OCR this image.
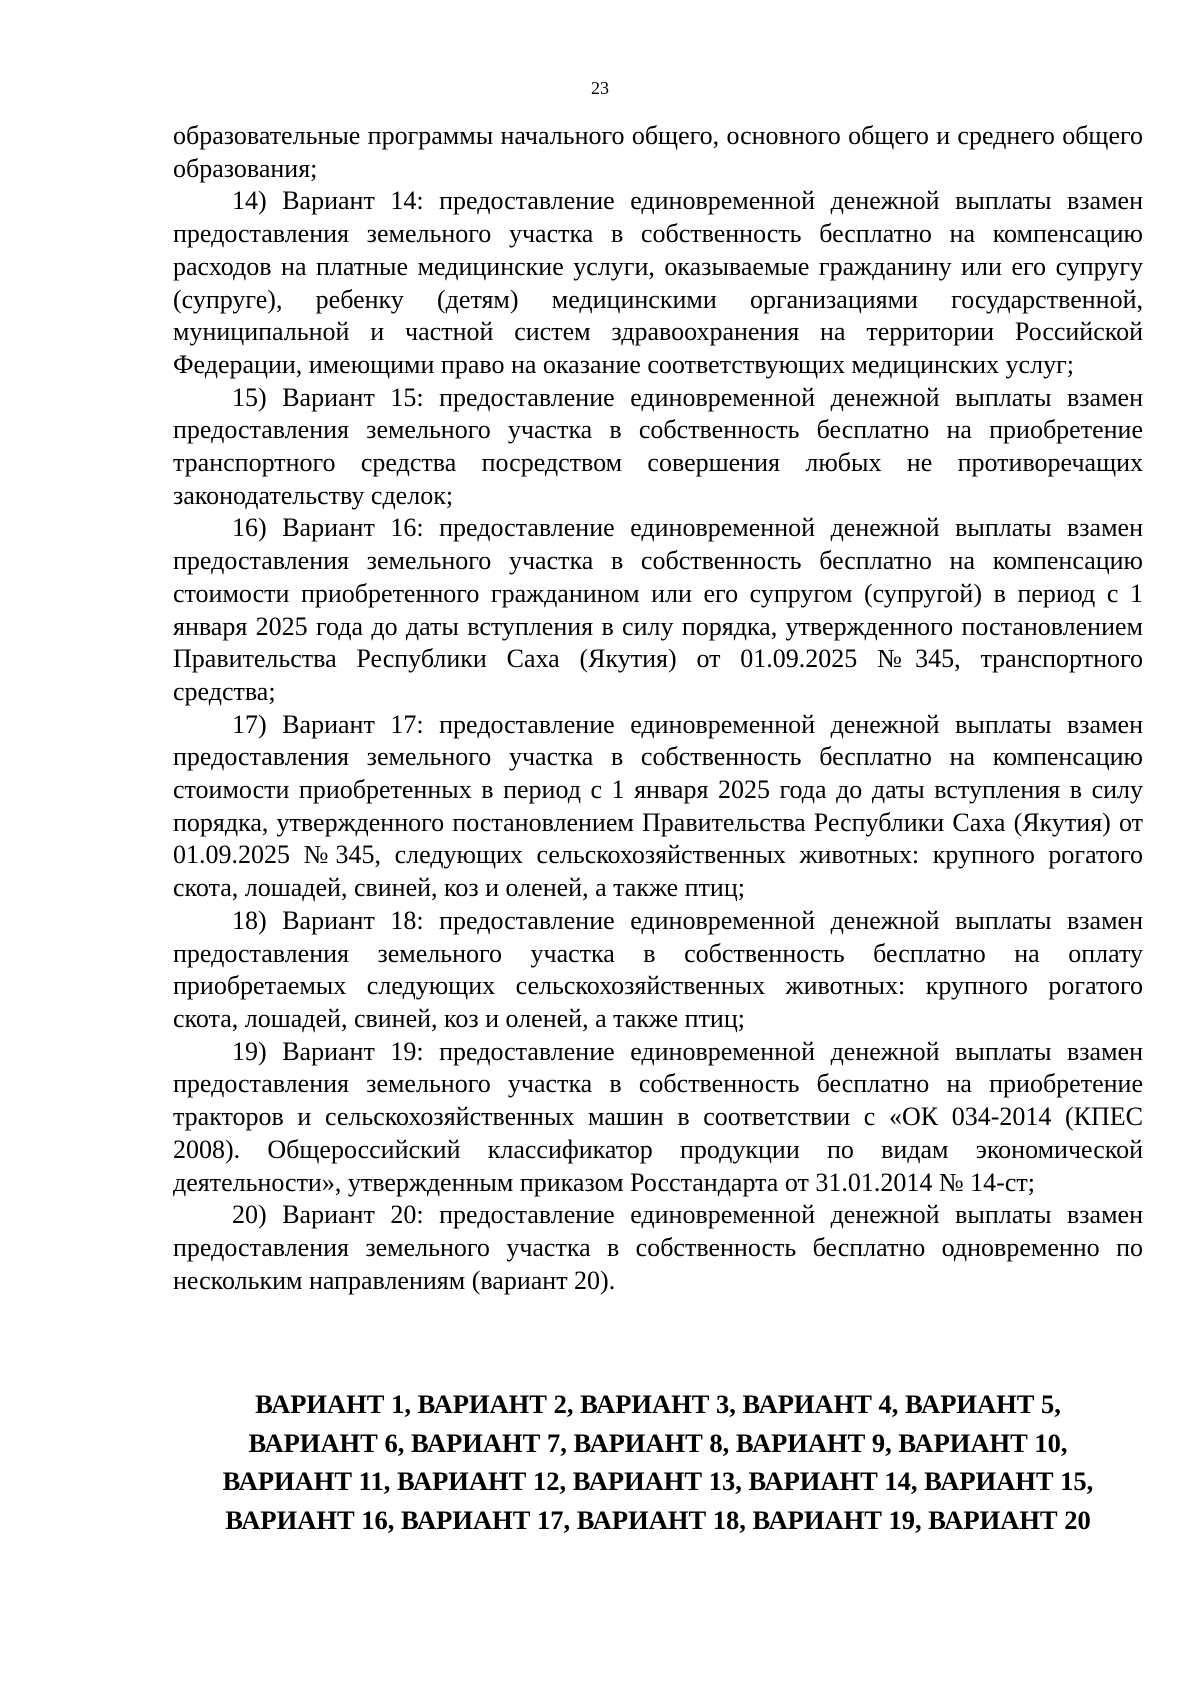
23

образовательные программы начального общего, основного общего и среднего общего образования;

14) Вариант 14: предоставление единовременной денежной выплаты взамен предоставления земельного участка в собственность бесплатно на компенсацию расходов на платные медицинские услуги, оказываемые гражданину или его супругу (супруге), ребенку (детям) медицинскими организациями государственной, муниципальной и частной систем здравоохранения на территории Российской Федерации, имеющими право на оказание соответствующих медицинских услуг;

15) Вариант 15: предоставление единовременной денежной выплаты взамен предоставления земельного участка в собственность бесплатно на приобретение транспортного средства посредством совершения любых не противоречащих законодательству сделок;

16) Вариант 16: предоставление единовременной денежной выплаты взамен предоставления земельного участка в собственность бесплатно на компенсацию стоимости приобретенного гражданином или его супругом (супругой) в период с 1 января 2025 года до даты вступления в силу порядка, утвержденного постановлением Правительства Республики Саха (Якутия) от 01.09.2025 №345, транспортного средства;

17) Вариант 17: предоставление единовременной денежной выплаты взамен предоставления земельного участка в собственность бесплатно на компенсацию стоимости приобретенных в период с 1 января 2025 года до даты вступления в силу порядка, утвержденного постановлением Правительства Республики Саха (Якутия) от 01.09.2025 №345, следующих сельскохозяйственных животных: крупного рогатого скота, лошадей, свиней, коз и оленей, а также птиц;

18) Вариант 18: предоставление единовременной денежной выплаты взамен предоставления земельного участка в собственность бесплатно на оплату приобретаемых следующих сельскохозяйственных животных: крупного рогатого скота, лошадей, свиней, коз и оленей, а также птиц;

19) Вариант 19: предоставление единовременной денежной выплаты взамен предоставления земельного участка в собственность бесплатно на приобретение тракторов и сельскохозяйственных машин в соответствии с «ОК 034-2014 (КПЕС 2008). Общероссийский классификатор продукции по видам экономической деятельности», утвержденным приказом Росстандарта от 31.01.2014 № 14-ст;

20) Вариант 20: предоставление единовременной денежной выплаты взамен предоставления земельного участка в собственность бесплатно одновременно по нескольким направлениям (вариант 20).

ВАРИАНТ 1, ВАРИАНТ 2, ВАРИАНТ 3, ВАРИАНТ 4, ВАРИАНТ 5,
ВАРИАНТ 6, ВАРИАНТ 7, ВАРИАНТ 8, ВАРИАНТ 9, ВАРИАНТ 10,
ВАРИАНТ 11, ВАРИАНТ 12, ВАРИАНТ 13, ВАРИАНТ 14, ВАРИАНТ 15,
ВАРИАНТ 16, ВАРИАНТ 17, ВАРИАНТ 18, ВАРИАНТ 19, ВАРИАНТ 20
